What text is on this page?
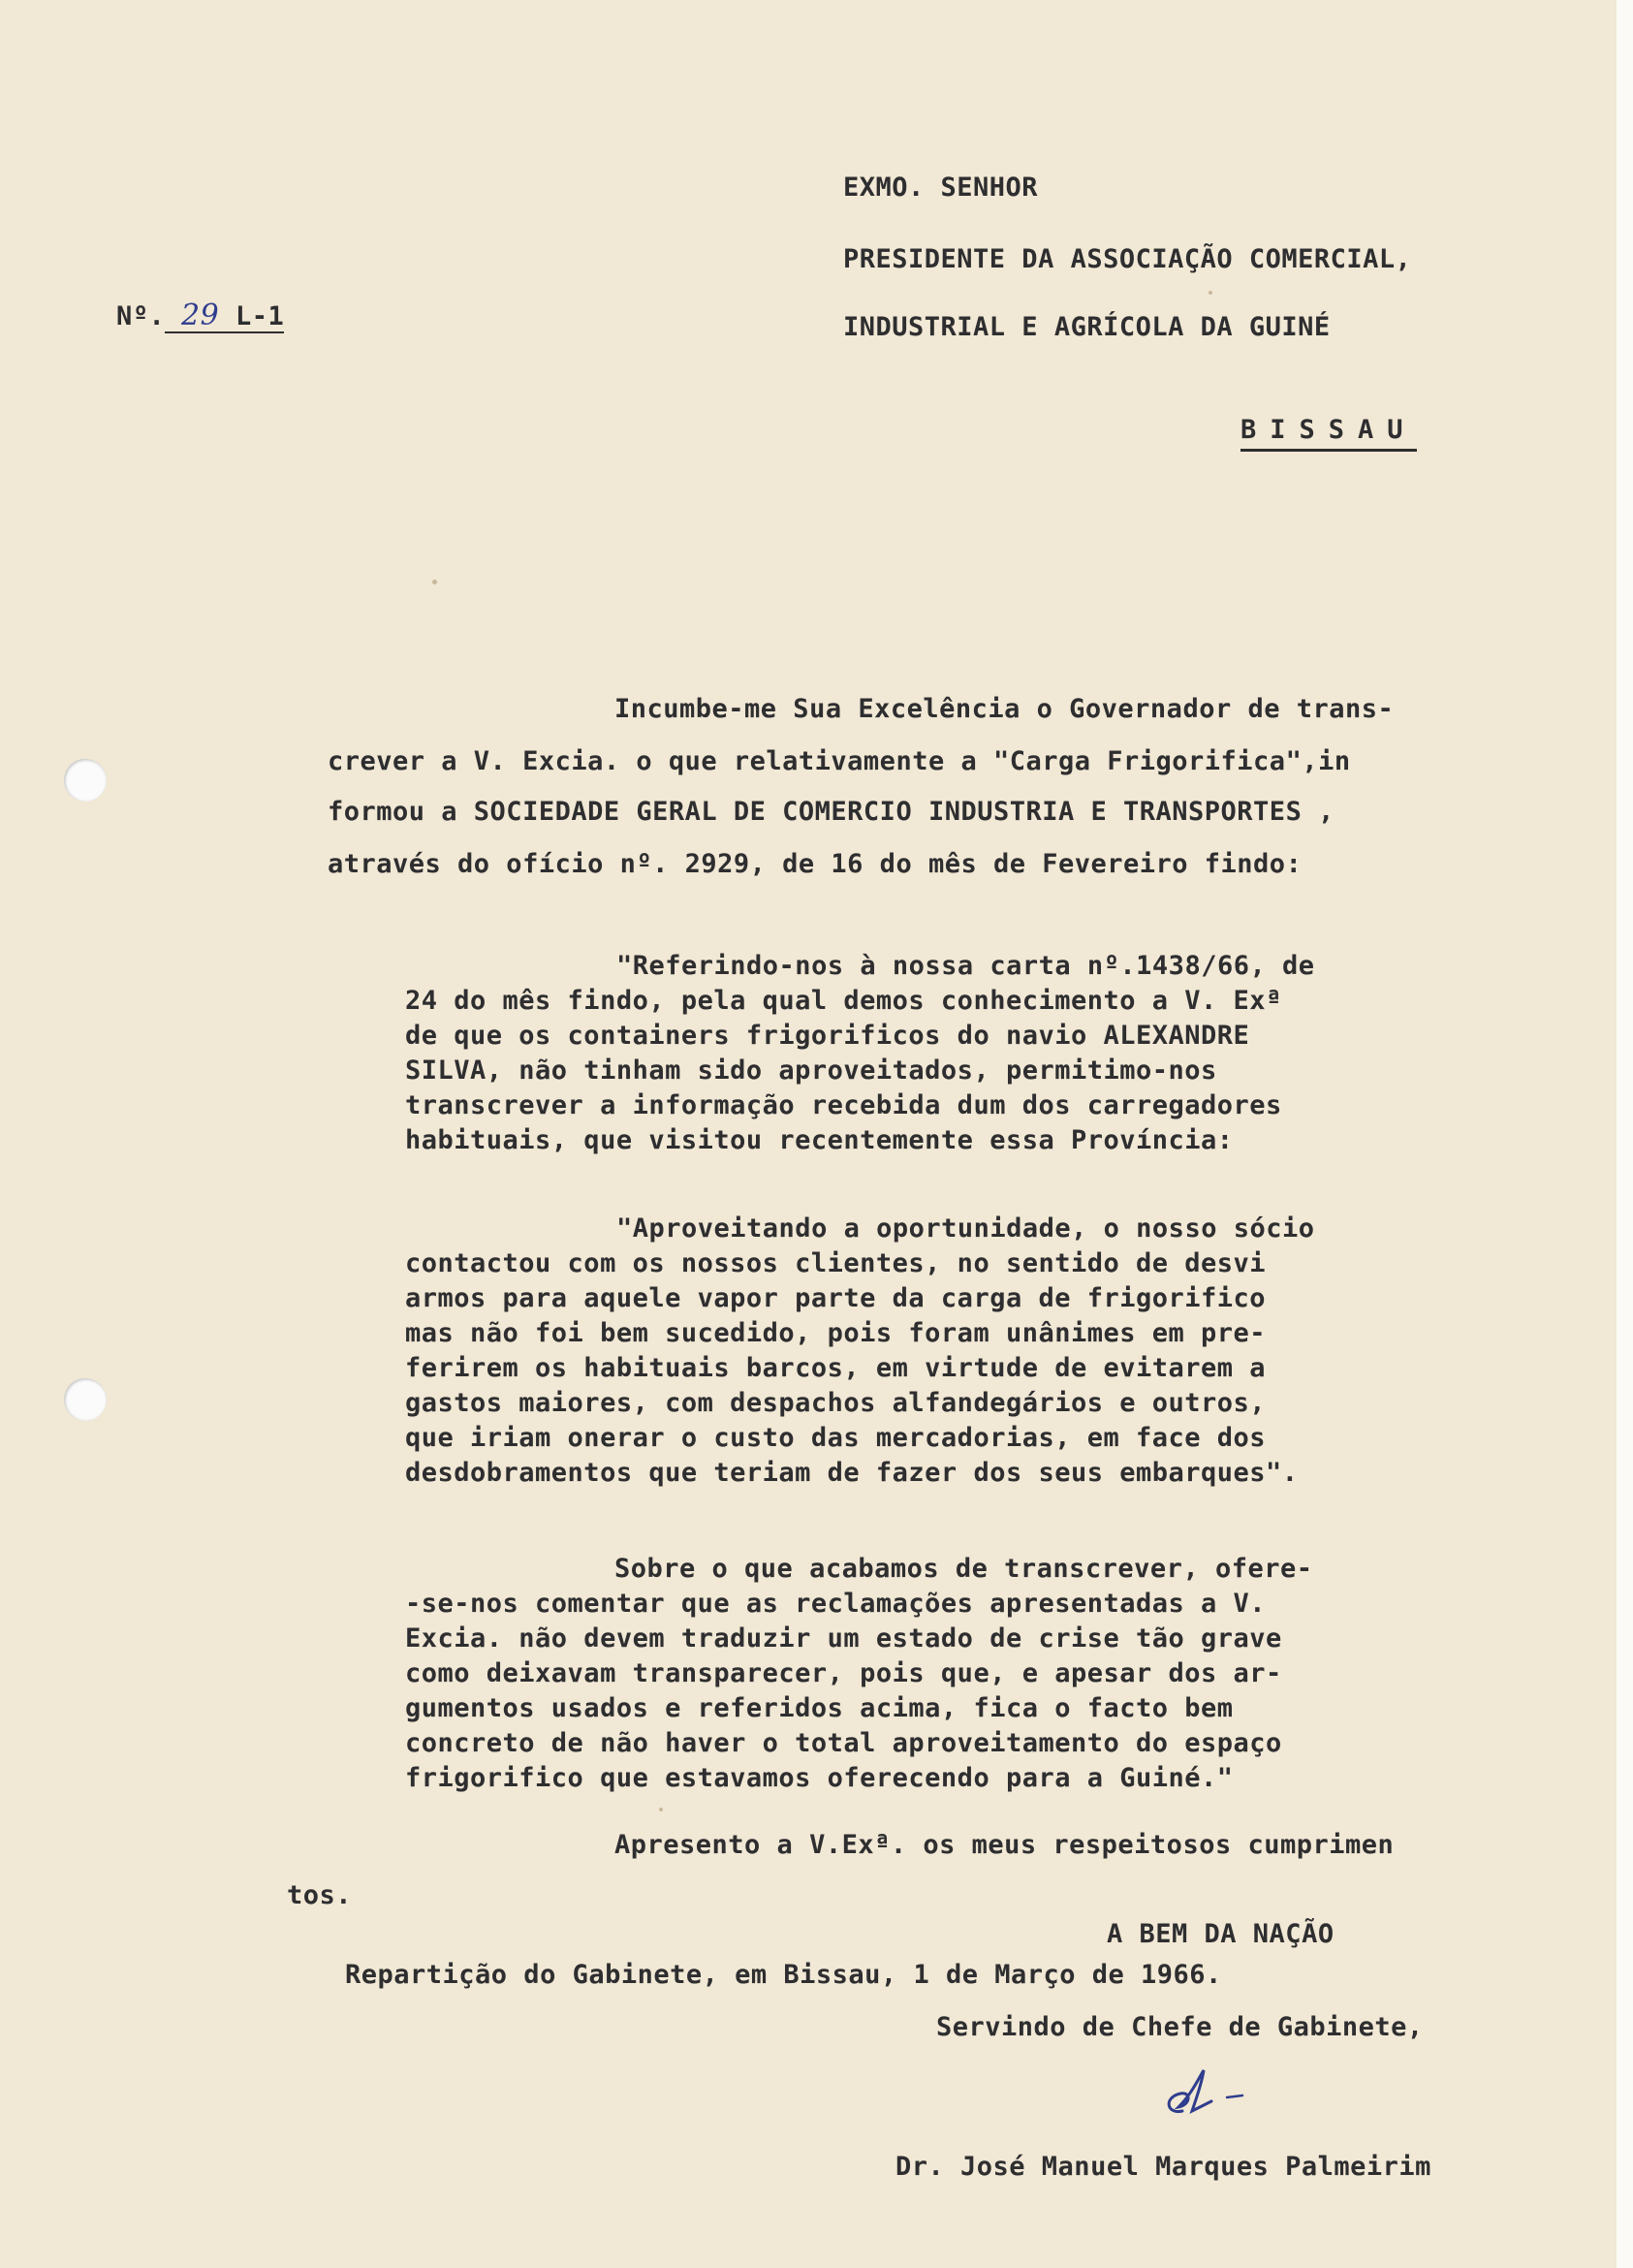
EXMO. SENHOR
PRESIDENTE DA ASSOCIAÇÃO COMERCIAL,
INDUSTRIAL E AGRÍCOLA DA GUINÉ
Nº. 29 L-1
BISSAU
Incumbe-me Sua Excelência o Governador de trans-
crever a V. Excia. o que relativamente a "Carga Frigorifica",in
formou a SOCIEDADE GERAL DE COMERCIO INDUSTRIA E TRANSPORTES ,
através do ofício nº. 2929, de 16 do mês de Fevereiro findo:
"Referindo-nos à nossa carta nº.1438/66, de
24 do mês findo, pela qual demos conhecimento a V. Exª
de que os containers frigorificos do navio ALEXANDRE
SILVA, não tinham sido aproveitados, permitimo-nos
transcrever a informação recebida dum dos carregadores
habituais, que visitou recentemente essa Província:
"Aproveitando a oportunidade, o nosso sócio
contactou com os nossos clientes, no sentido de desvi
armos para aquele vapor parte da carga de frigorifico
mas não foi bem sucedido, pois foram unânimes em pre-
ferirem os habituais barcos, em virtude de evitarem a
gastos maiores, com despachos alfandegários e outros,
que iriam onerar o custo das mercadorias, em face dos
desdobramentos que teriam de fazer dos seus embarques".
Sobre o que acabamos de transcrever, ofere-
-se-nos comentar que as reclamações apresentadas a V.
Excia. não devem traduzir um estado de crise tão grave
como deixavam transparecer, pois que, e apesar dos ar-
gumentos usados e referidos acima, fica o facto bem
concreto de não haver o total aproveitamento do espaço
frigorifico que estavamos oferecendo para a Guiné."
Apresento a V.Exª. os meus respeitosos cumprimen
tos.
A BEM DA NAÇÃO
Repartição do Gabinete, em Bissau, 1 de Março de 1966.
Servindo de Chefe de Gabinete,
Dr. José Manuel Marques Palmeirim
